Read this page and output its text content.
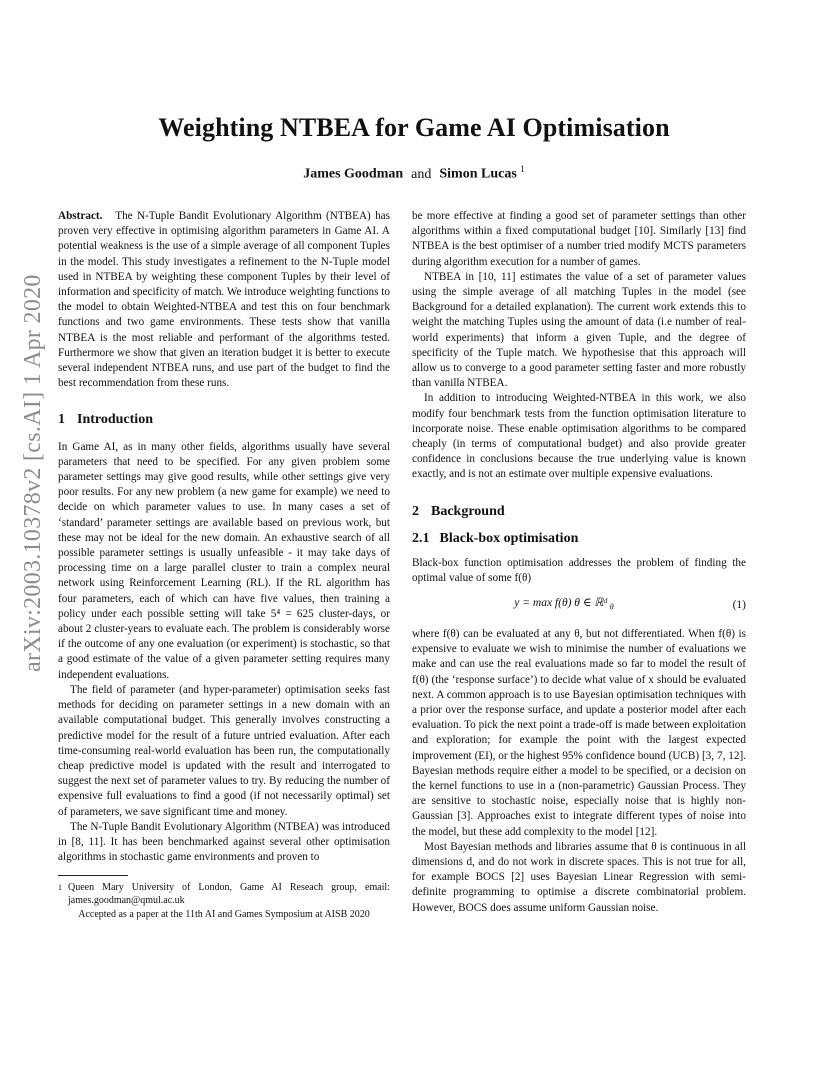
arXiv:2003.10378v2 [cs.AI] 1 Apr 2020
Weighting NTBEA for Game AI Optimisation
James Goodman and Simon Lucas $^1$

Abstract. The N-Tuple Bandit Evolutionary Algorithm (NTBEA) has proven very effective in optimising algorithm parameters in Game AI. A potential weakness is the use of a simple average of all component Tuples in the model. This study investigates a refinement to the N-Tuple model used in NTBEA by weighting these component Tuples by their level of information and specificity of match. We introduce weighting functions to the model to obtain Weighted-NTBEA and test this on four benchmark functions and two game environments. These tests show that vanilla NTBEA is the most reliable and performant of the algorithms tested. Furthermore we show that given an iteration budget it is better to execute several independent NTBEA runs, and use part of the budget to find the best recommendation from these runs.

1 Introduction

In Game AI, as in many other fields, algorithms usually have several parameters that need to be specified. For any given problem some parameter settings may give good results, while other settings give very poor results. For any new problem (a new game for example) we need to decide on which parameter values to use. In many cases a set of ‘standard’ parameter settings are available based on previous work, but these may not be ideal for the new domain. An exhaustive search of all possible parameter settings is usually unfeasible - it may take days of processing time on a large parallel cluster to train a complex neural network using Reinforcement Learning (RL). If the RL algorithm has four parameters, each of which can have five values, then training a policy under each possible setting will take 5⁴ = 625 cluster-days, or about 2 cluster-years to evaluate each. The problem is considerably worse if the outcome of any one evaluation (or experiment) is stochastic, so that a good estimate of the value of a given parameter setting requires many independent evaluations.

The field of parameter (and hyper-parameter) optimisation seeks fast methods for deciding on parameter settings in a new domain with an available computational budget. This generally involves constructing a predictive model for the result of a future untried evaluation. After each time-consuming real-world evaluation has been run, the computationally cheap predictive model is updated with the result and interrogated to suggest the next set of parameter values to try. By reducing the number of expensive full evaluations to find a good (if not necessarily optimal) set of parameters, we save significant time and money.

The N-Tuple Bandit Evolutionary Algorithm (NTBEA) was introduced in [8, 11]. It has been benchmarked against several other optimisation algorithms in stochastic game environments and proven to

1 Queen Mary University of London, Game AI Reseach group, email: james.goodman@qmul.ac.uk

Accepted as a paper at the 11th AI and Games Symposium at AISB 2020

be more effective at finding a good set of parameter settings than other algorithms within a fixed computational budget [10]. Similarly [13] find NTBEA is the best optimiser of a number tried modify MCTS parameters during algorithm execution for a number of games.

NTBEA in [10, 11] estimates the value of a set of parameter values using the simple average of all matching Tuples in the model (see Background for a detailed explanation). The current work extends this to weight the matching Tuples using the amount of data (i.e number of real-world experiments) that inform a given Tuple, and the degree of specificity of the Tuple match. We hypothesise that this approach will allow us to converge to a good parameter setting faster and more robustly than vanilla NTBEA.

In addition to introducing Weighted-NTBEA in this work, we also modify four benchmark tests from the function optimisation literature to incorporate noise. These enable optimisation algorithms to be compared cheaply (in terms of computational budget) and also provide greater confidence in conclusions because the true underlying value is known exactly, and is not an estimate over multiple expensive evaluations.

2 Background
2.1 Black-box optimisation

Black-box function optimisation addresses the problem of finding the optimal value of some f(θ)

y = max f(θ) θ ∈ ℝᵈ $_\theta$	(1)

where f(θ) can be evaluated at any θ, but not differentiated. When f(θ) is expensive to evaluate we wish to minimise the number of evaluations we make and can use the real evaluations made so far to model the result of f(θ) (the ‘response surface’) to decide what value of x should be evaluated next. A common approach is to use Bayesian optimisation techniques with a prior over the response surface, and update a posterior model after each evaluation. To pick the next point a trade-off is made between exploitation and exploration; for example the point with the largest expected improvement (EI), or the highest 95% confidence bound (UCB) [3, 7, 12]. Bayesian methods require either a model to be specified, or a decision on the kernel functions to use in a (non-parametric) Gaussian Process. They are sensitive to stochastic noise, especially noise that is highly non-Gaussian [3]. Approaches exist to integrate different types of noise into the model, but these add complexity to the model [12].

Most Bayesian methods and libraries assume that θ is continuous in all dimensions d, and do not work in discrete spaces. This is not true for all, for example BOCS [2] uses Bayesian Linear Regression with semi-definite programming to optimise a discrete combinatorial problem. However, BOCS does assume uniform Gaussian noise.
